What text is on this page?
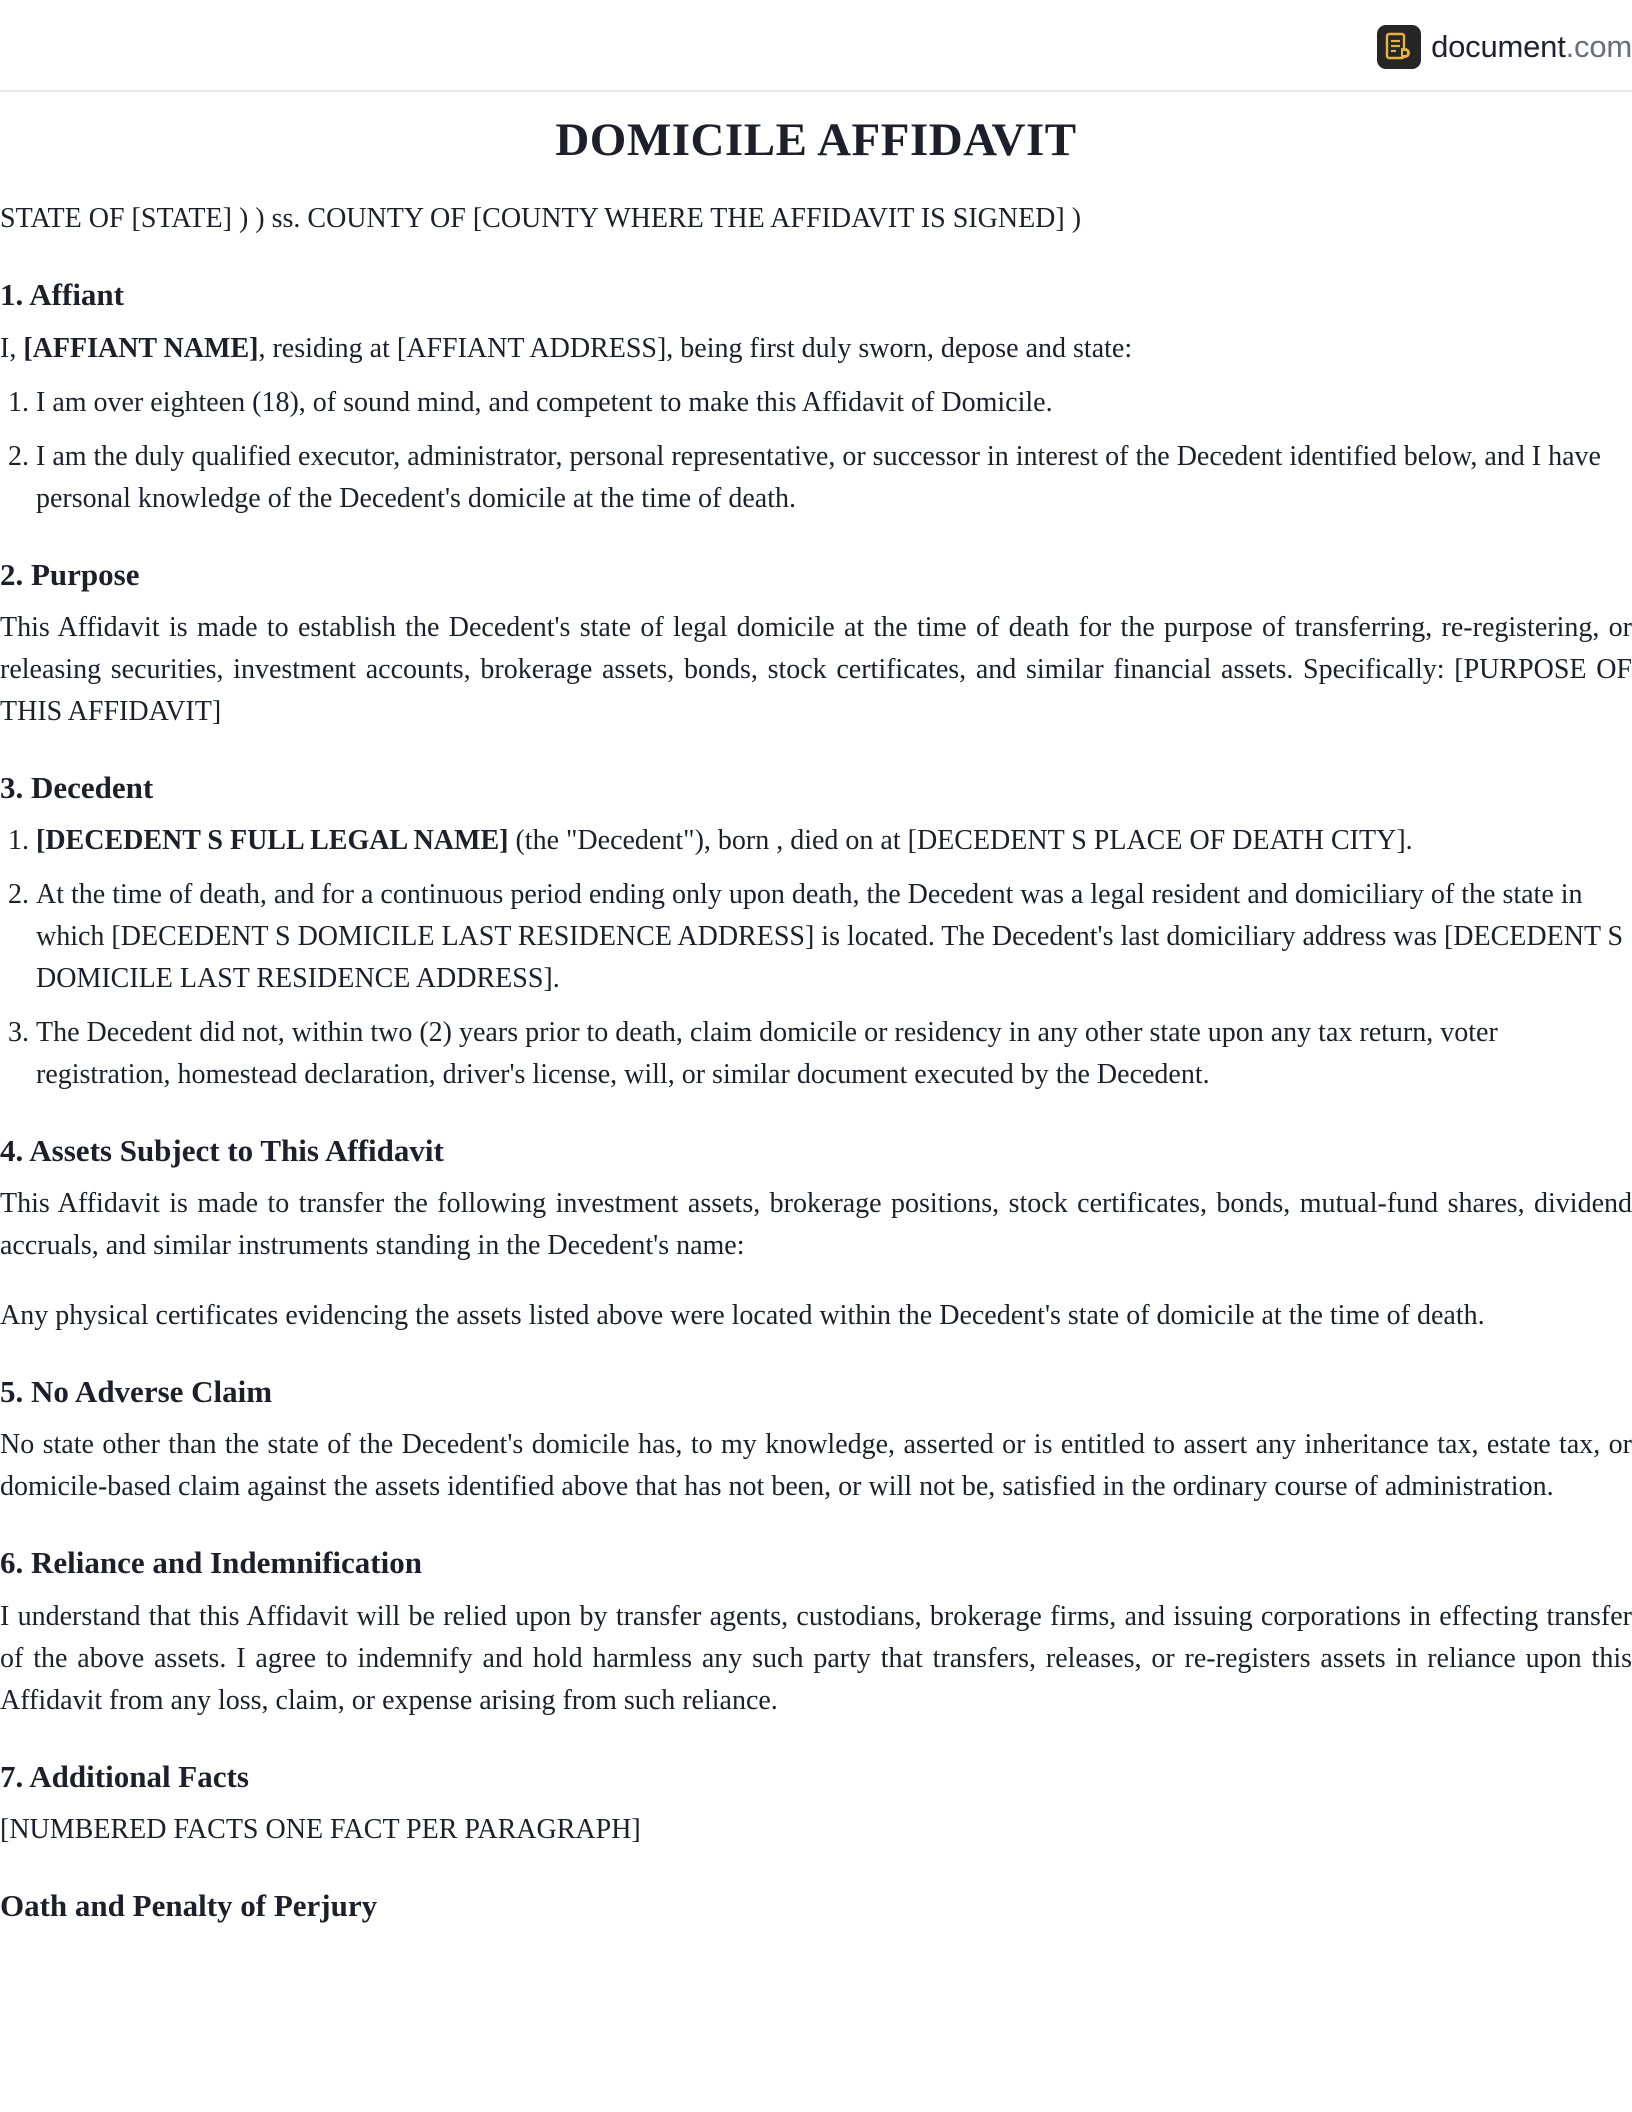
document.com
DOMICILE AFFIDAVIT

STATE OF [STATE] ) ) ss. COUNTY OF [COUNTY WHERE THE AFFIDAVIT IS SIGNED] )

1. Affiant

I, [AFFIANT NAME], residing at [AFFIANT ADDRESS], being first duly sworn, depose and state:

1. I am over eighteen (18), of sound mind, and competent to make this Affidavit of Domicile.
2. I am the duly qualified executor, administrator, personal representative, or successor in interest of the Decedent identified below, and I have personal knowledge of the Decedent's domicile at the time of death.
2. Purpose

This Affidavit is made to establish the Decedent's state of legal domicile at the time of death for the purpose of transferring, re-registering, or releasing securities, investment accounts, brokerage assets, bonds, stock certificates, and similar financial assets. Specifically: [PURPOSE OF THIS AFFIDAVIT]

3. Decedent
1. [DECEDENT S FULL LEGAL NAME] (the "Decedent"), born , died on at [DECEDENT S PLACE OF DEATH CITY].
2. At the time of death, and for a continuous period ending only upon death, the Decedent was a legal resident and domiciliary of the state in which [DECEDENT S DOMICILE LAST RESIDENCE ADDRESS] is located. The Decedent's last domiciliary address was [DECEDENT S DOMICILE LAST RESIDENCE ADDRESS].
3. The Decedent did not, within two (2) years prior to death, claim domicile or residency in any other state upon any tax return, voter registration, homestead declaration, driver's license, will, or similar document executed by the Decedent.
4. Assets Subject to This Affidavit

This Affidavit is made to transfer the following investment assets, brokerage positions, stock certificates, bonds, mutual-fund shares, dividend accruals, and similar instruments standing in the Decedent's name:

Any physical certificates evidencing the assets listed above were located within the Decedent's state of domicile at the time of death.

5. No Adverse Claim

No state other than the state of the Decedent's domicile has, to my knowledge, asserted or is entitled to assert any inheritance tax, estate tax, or domicile-based claim against the assets identified above that has not been, or will not be, satisfied in the ordinary course of administration.

6. Reliance and Indemnification

I understand that this Affidavit will be relied upon by transfer agents, custodians, brokerage firms, and issuing corporations in effecting transfer of the above assets. I agree to indemnify and hold harmless any such party that transfers, releases, or re-registers assets in reliance upon this Affidavit from any loss, claim, or expense arising from such reliance.

7. Additional Facts

[NUMBERED FACTS ONE FACT PER PARAGRAPH]

Oath and Penalty of Perjury
